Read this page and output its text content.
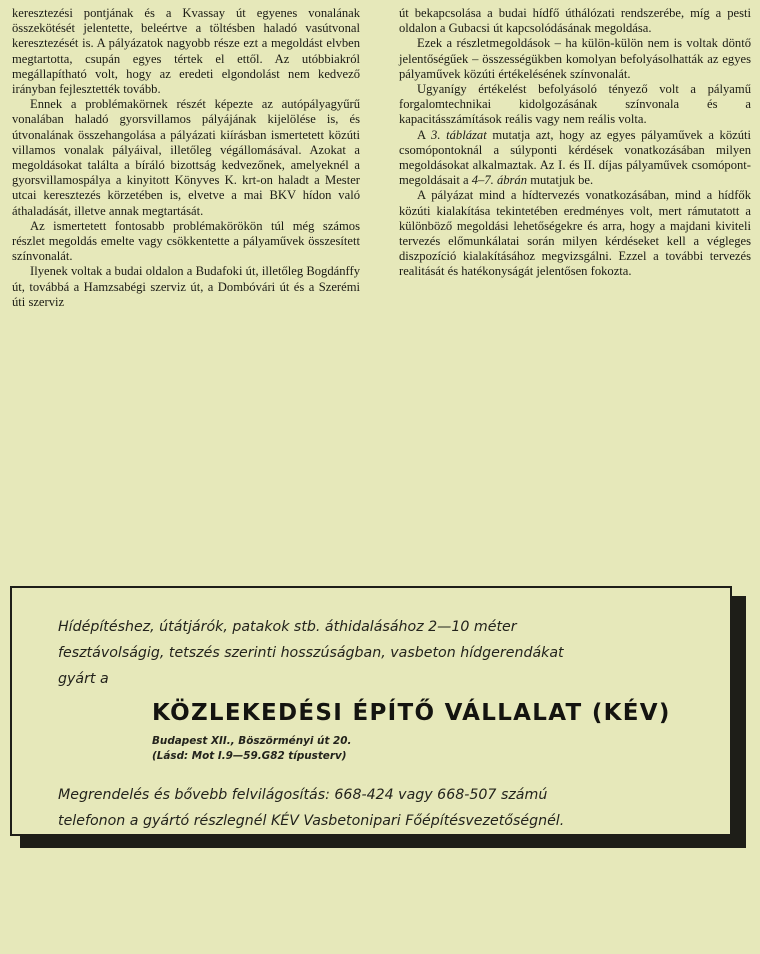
keresztezési pontjának és a Kvassay út egyenes vonalának összekötését jelentette, beleértve a töltésben haladó vasútvonal keresztezését is. A pályázatok nagyobb része ezt a megoldást elvben megtartotta, csupán egyes tértek el ettől. Az utóbbiakról megállapítható volt, hogy az eredeti elgondolást nem kedvező irányban fejlesztették tovább.

Ennek a problémakörnek részét képezte az autópályagyűrű vonalában haladó gyorsvillamos pályájának kijelölése is, és útvonalának összehangolása a pályázati kiírásban ismertetett közúti villamos vonalak pályáival, illetőleg végállomásával. Azokat a megoldásokat találta a bíráló bizottság kedvezőnek, amelyeknél a gyorsvillamospálya a kinyitott Könyves K. krt-on haladt a Mester utcai keresztezés körzetében is, elvetve a mai BKV hídon való áthaladását, illetve annak megtartását.

Az ismertetett fontosabb problémakörökön túl még számos részlet megoldás emelte vagy csökkentette a pályaművek összesített színvonalát.

Ilyenek voltak a budai oldalon a Budafoki út, illetőleg Bogdánffy út, továbbá a Hamzsabégi szerviz út, a Dombóvári út és a Szerémi úti szerviz

út bekapcsolása a budai hídfő úthálózati rendszerébe, míg a pesti oldalon a Gubacsi út kapcsolódásának megoldása.

Ezek a részletmegoldások – ha külön-külön nem is voltak döntő jelentőségűek – összességükben komolyan befolyásolhatták az egyes pályaművek közúti értékelésének színvonalát.

Ugyanígy értékelést befolyásoló tényező volt a pályamű forgalomtechnikai kidolgozásának színvonala és a kapacitásszámítások reális vagy nem reális volta.

A 3. táblázat mutatja azt, hogy az egyes pályaművek a közúti csomópontoknál a súlyponti kérdések vonatkozásában milyen megoldásokat alkalmaztak. Az I. és II. díjas pályaművek csomópont-megoldásait a 4–7. ábrán mutatjuk be.

A pályázat mind a hídtervezés vonatkozásában, mind a hídfők közúti kialakítása tekintetében eredményes volt, mert rámutatott a különböző megoldási lehetőségekre és arra, hogy a majdani kiviteli tervezés előmunkálatai során milyen kérdéseket kell a végleges diszpozíció kialakításához megvizsgálni. Ezzel a további tervezés realitását és hatékonyságát jelentősen fokozta.

Hídépítéshez, útátjárók, patakok stb. áthidalásához 2—10 méter
fesztávolságig, tetszés szerinti hosszúságban, vasbeton hídgerendákat
gyárt a

KÖZLEKEDÉSI ÉPÍTŐ VÁLLALAT (KÉV)

Budapest XII., Böszörményi út 20.
(Lásd: Mot I.9—59.G82 típusterv)

Megrendelés és bővebb felvilágosítás: 668-424 vagy 668-507 számú
telefonon a gyártó részlegnél KÉV Vasbetonipari Főépítésvezetőségnél.
